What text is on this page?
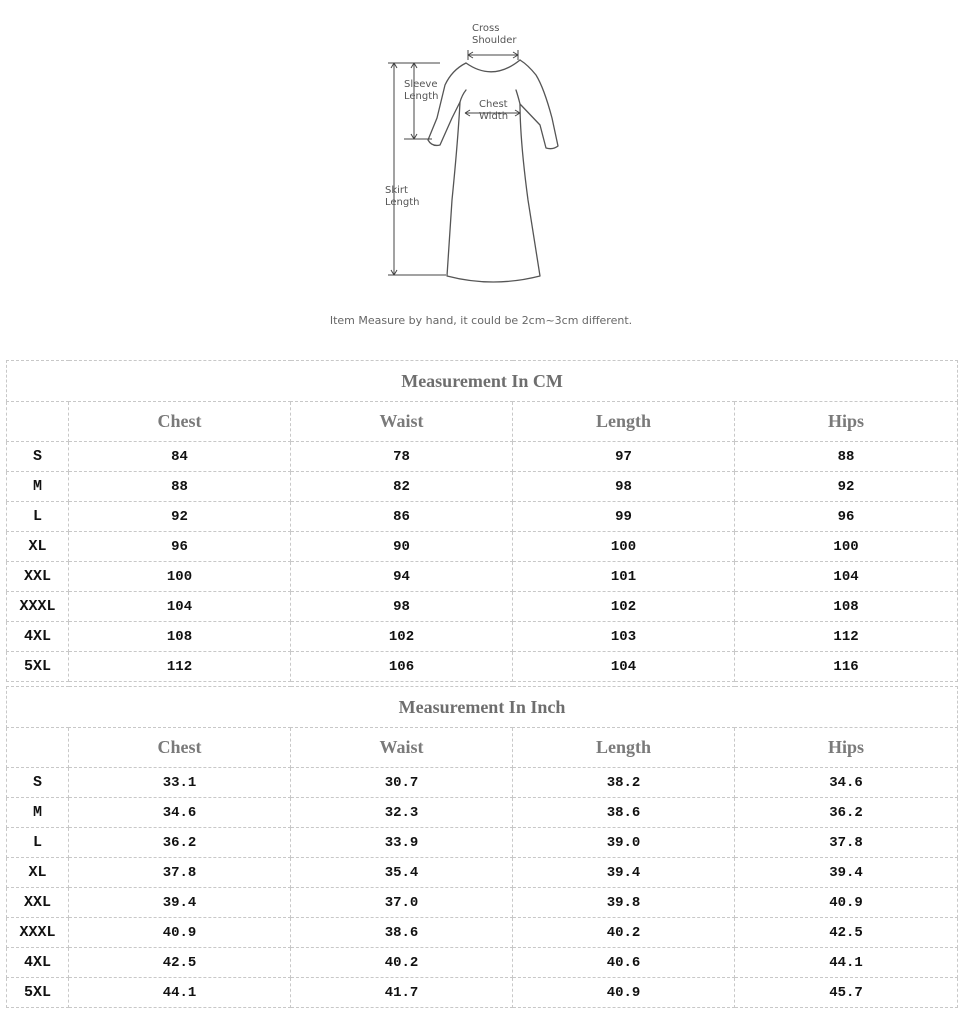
Cross
Shoulder
Sleeve
Length
Chest
Width
Skirt
Length
Item Measure by hand, it could be 2cm~3cm different.
Measurement In CM				
	Chest	Waist	Length	Hips
S	84	78	97	88
M	88	82	98	92
L	92	86	99	96
XL	96	90	100	100
XXL	100	94	101	104
XXXL	104	98	102	108
4XL	108	102	103	112
5XL	112	106	104	116
Measurement In Inch				
	Chest	Waist	Length	Hips
S	33.1	30.7	38.2	34.6
M	34.6	32.3	38.6	36.2
L	36.2	33.9	39.0	37.8
XL	37.8	35.4	39.4	39.4
XXL	39.4	37.0	39.8	40.9
XXXL	40.9	38.6	40.2	42.5
4XL	42.5	40.2	40.6	44.1
5XL	44.1	41.7	40.9	45.7
